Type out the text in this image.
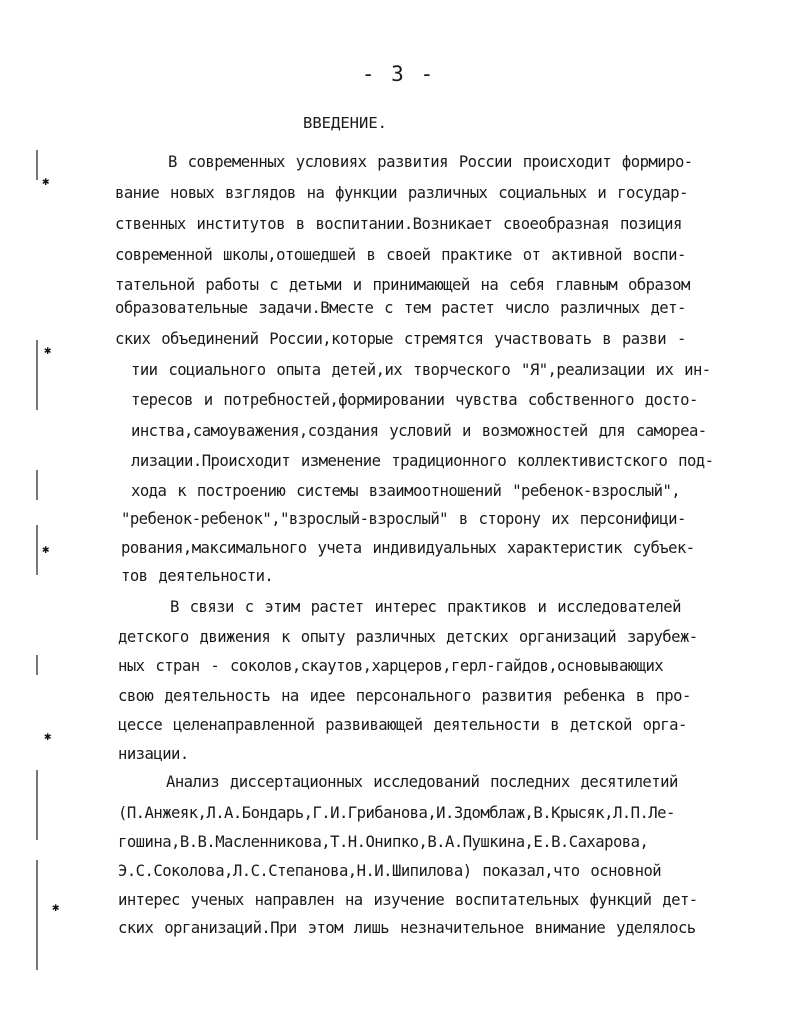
- 3 -
ВВЕДЕНИЕ.
✱
✱
✱
✱
✱
В современных условиях развития России происходит формиро-
вание новых взглядов на функции различных социальных и государ-
ственных институтов в воспитании.Возникает своеобразная позиция
современной школы,отошедшей в своей практике от активной воспи-
тательной работы с детьми и принимающей на себя главным образом
образовательные задачи.Вместе с тем растет число различных дет-
ских объединений России,которые стремятся участвовать в разви -
тии социального опыта детей,их творческого "Я",реализации их ин-
тересов и потребностей,формировании чувства собственного досто-
инства,самоуважения,создания условий и возможностей для самореа-
лизации.Происходит изменение традиционного коллективистского под-
хода к построению системы взаимоотношений "ребенок-взрослый",
"ребенок-ребенок","взрослый-взрослый" в сторону их персонифици-
рования,максимального учета индивидуальных характеристик субъек-
тов деятельности.
В связи с этим растет интерес практиков и исследователей
детского движения к опыту различных детских организаций зарубеж-
ных стран - соколов,скаутов,харцеров,герл-гайдов,основывающих
свою деятельность на идее персонального развития ребенка в про-
цессе целенаправленной развивающей деятельности в детской орга-
низации.
Анализ диссертационных исследований последних десятилетий
(П.Анжеяк,Л.А.Бондарь,Г.И.Грибанова,И.Здомблаж,В.Крысяк,Л.П.Ле-
гошина,В.В.Масленникова,Т.Н.Онипко,В.А.Пушкина,Е.В.Сахарова,
Э.С.Соколова,Л.С.Степанова,Н.И.Шипилова) показал,что основной
интерес ученых направлен на изучение воспитательных функций дет-
ских организаций.При этом лишь незначительное внимание уделялось
